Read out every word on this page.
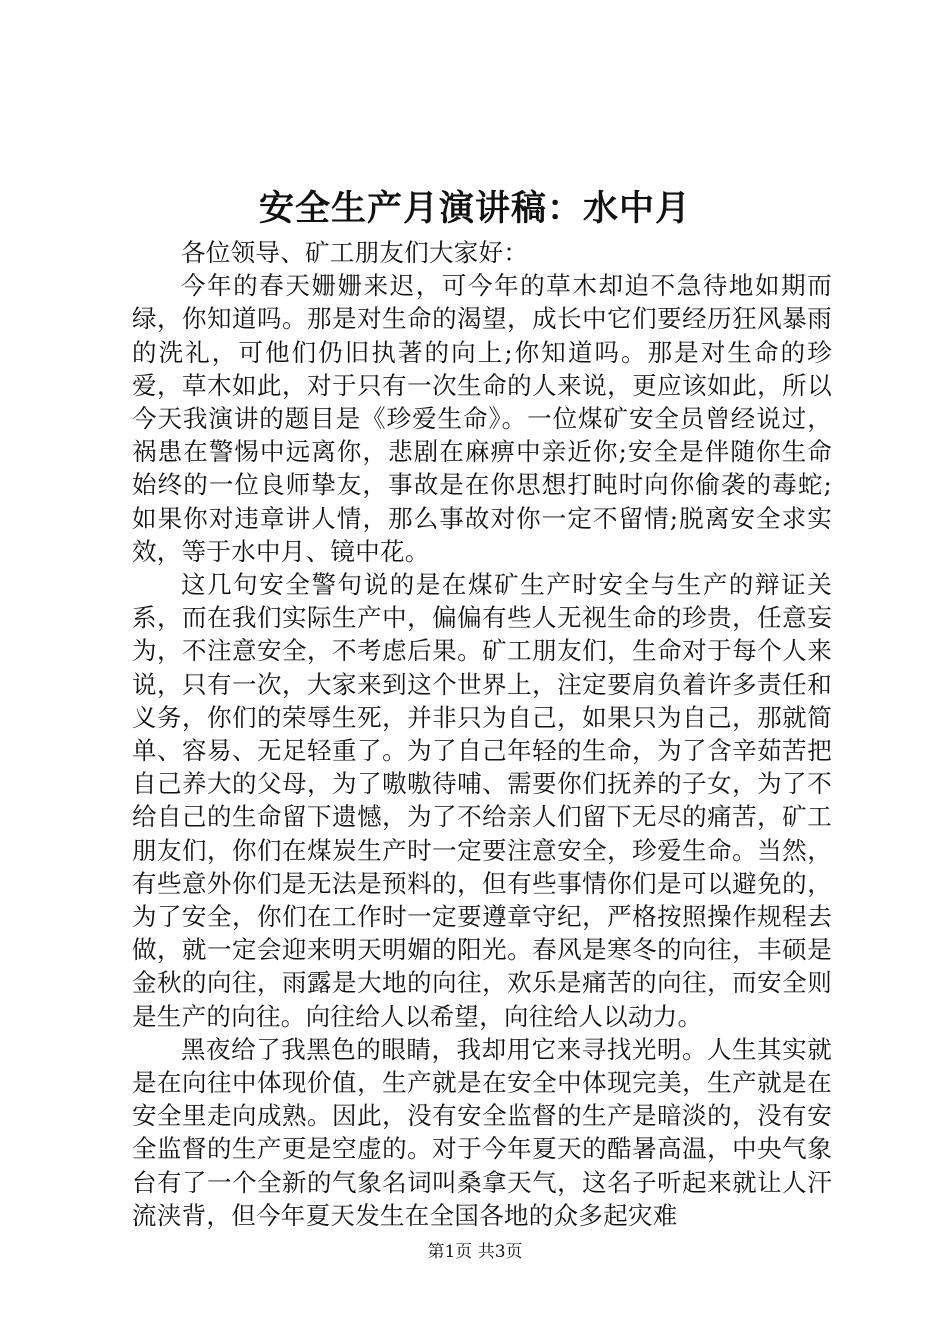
安全生产月演讲稿：水中月

各位领导、矿工朋友们大家好：

今年的春天姗姗来迟，可今年的草木却迫不急待地如期而绿，你知道吗。那是对生命的渴望，成长中它们要经历狂风暴雨的洗礼，可他们仍旧执著的向上;你知道吗。那是对生命的珍爱，草木如此，对于只有一次生命的人来说，更应该如此，所以今天我演讲的题目是《珍爱生命》。一位煤矿安全员曾经说过，祸患在警惕中远离你，悲剧在麻痹中亲近你;安全是伴随你生命始终的一位良师挚友，事故是在你思想打盹时向你偷袭的毒蛇;如果你对违章讲人情，那么事故对你一定不留情;脱离安全求实效，等于水中月、镜中花。

这几句安全警句说的是在煤矿生产时安全与生产的辩证关系，而在我们实际生产中，偏偏有些人无视生命的珍贵，任意妄为，不注意安全，不考虑后果。矿工朋友们，生命对于每个人来说，只有一次，大家来到这个世界上，注定要肩负着许多责任和义务，你们的荣辱生死，并非只为自己，如果只为自己，那就简单、容易、无足轻重了。为了自己年轻的生命，为了含辛茹苦把自己养大的父母，为了嗷嗷待哺、需要你们抚养的子女，为了不给自己的生命留下遗憾，为了不给亲人们留下无尽的痛苦，矿工朋友们，你们在煤炭生产时一定要注意安全，珍爱生命。当然，有些意外你们是无法是预料的，但有些事情你们是可以避免的，为了安全，你们在工作时一定要遵章守纪，严格按照操作规程去做，就一定会迎来明天明媚的阳光。春风是寒冬的向往，丰硕是金秋的向往，雨露是大地的向往，欢乐是痛苦的向往，而安全则是生产的向往。向往给人以希望，向往给人以动力。

黑夜给了我黑色的眼睛，我却用它来寻找光明。人生其实就是在向往中体现价值，生产就是在安全中体现完美，生产就是在安全里走向成熟。因此，没有安全监督的生产是暗淡的，没有安全监督的生产更是空虚的。对于今年夏天的酷暑高温，中央气象台有了一个全新的气象名词叫桑拿天气，这名子听起来就让人汗流浃背，但今年夏天发生在全国各地的众多起灾难

第1页 共3页
